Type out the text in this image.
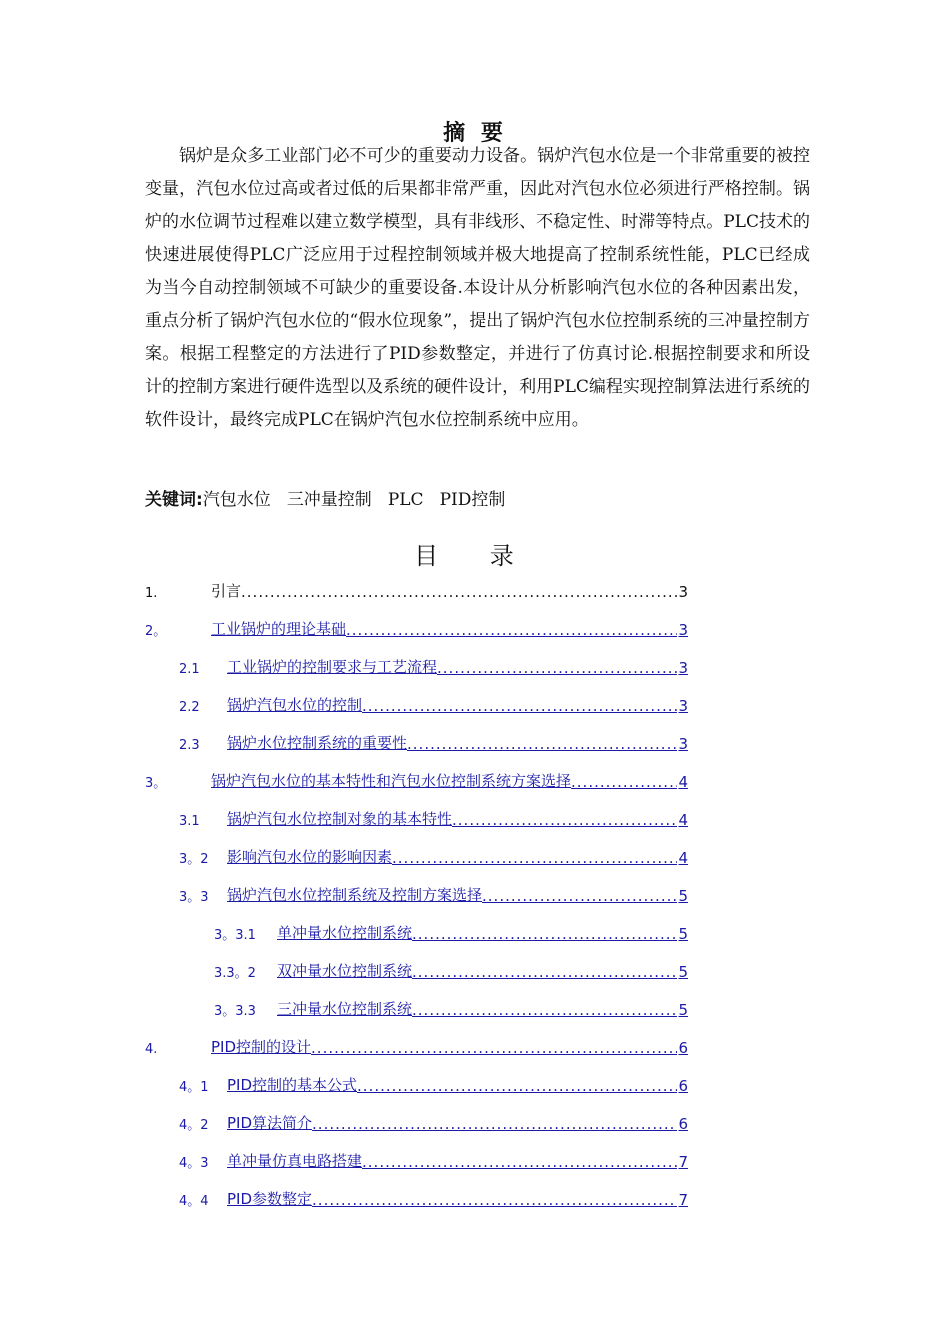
摘 要

锅炉是众多工业部门必不可少的重要动力设备。锅炉汽包水位是一个非常重要的被控变量，汽包水位过高或者过低的后果都非常严重，因此对汽包水位必须进行严格控制。锅炉的水位调节过程难以建立数学模型，具有非线形、不稳定性、时滞等特点。PLC技术的快速进展使得PLC广泛应用于过程控制领域并极大地提高了控制系统性能，PLC已经成为当今自动控制领域不可缺少的重要设备.本设计从分析影响汽包水位的各种因素出发，重点分析了锅炉汽包水位的“假水位现象”，提出了锅炉汽包水位控制系统的三冲量控制方案。根据工程整定的方法进行了PID参数整定，并进行了仿真讨论.根据控制要求和所设计的控制方案进行硬件选型以及系统的硬件设计，利用PLC编程实现控制算法进行系统的软件设计，最终完成PLC在锅炉汽包水位控制系统中应用。

关键词:汽包水位 三冲量控制 PLC PID控制
目 录
1.	引言 .....	3
2。	工业锅炉的理论基础 .....	3
2.1	工业锅炉的控制要求与工艺流程 .....	3
2.2	锅炉汽包水位的控制 .....	3
2.3	锅炉水位控制系统的重要性 .....	3
3。	锅炉汽包水位的基本特性和汽包水位控制系统方案选择 .....	4
3.1	锅炉汽包水位控制对象的基本特性 .....	4
3。2	影响汽包水位的影响因素 .....	4
3。3	锅炉汽包水位控制系统及控制方案选择 .....	5
3。3.1	单冲量水位控制系统 .....	5
3.3。2	双冲量水位控制系统 .....	5
3。3.3	三冲量水位控制系统 .....	5
4.	PID控制的设计 .....	6
4。1	PID控制的基本公式 .....	6
4。2	PID算法简介 .....	6
4。3	单冲量仿真电路搭建 .....	7
4。4	PID参数整定 .....	7
